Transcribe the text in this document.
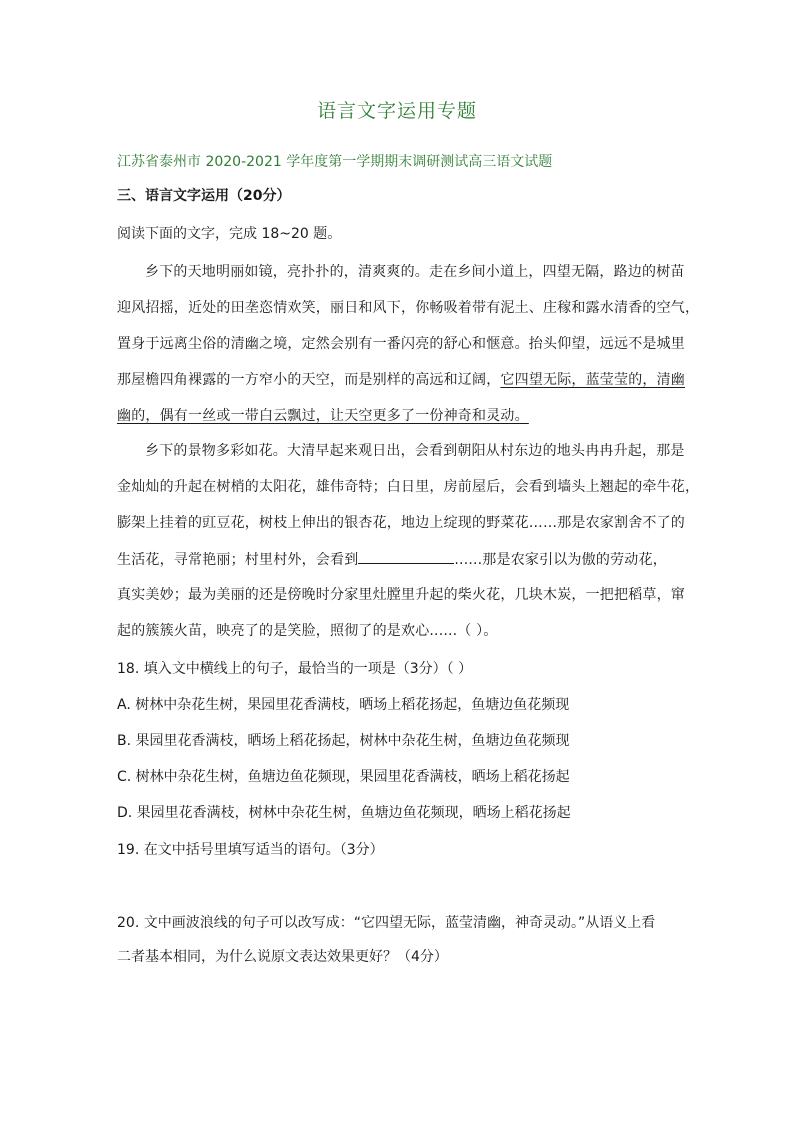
语言文字运用专题
江苏省泰州市 2020-2021 学年度第一学期期末调研测试高三语文试题
三、语言文字运用（20分）
阅读下面的文字，完成 18~20 题。
乡下的天地明丽如镜，亮扑扑的，清爽爽的。走在乡间小道上，四望无隔，路边的树苗
迎风招摇，近处的田垄恣情欢笑，丽日和风下，你畅吸着带有泥土、庄稼和露水清香的空气，
置身于远离尘俗的清幽之境，定然会别有一番闪亮的舒心和惬意。抬头仰望，远远不是城里
那屋檐四角裸露的一方窄小的天空，而是别样的高远和辽阔，它四望无际，蓝莹莹的，清幽
幽的，偶有一丝或一带白云飘过，让天空更多了一份神奇和灵动。
乡下的景物多彩如花。大清早起来观日出，会看到朝阳从村东边的地头冉冉升起，那是
金灿灿的升起在树梢的太阳花，雄伟奇特；白日里，房前屋后，会看到墙头上翘起的牵牛花，
膨架上挂着的豇豆花，树枝上伸出的银杏花，地边上绽现的野菜花……那是农家割舍不了的
生活花，寻常艳丽；村里村外，会看到	......那是农家引以为傲的劳动花，
真实美妙；最为美丽的还是傍晚时分家里灶膛里升起的柴火花，几块木炭，一把把稻草，窜
起的簇簇火苗，映亮了的是笑脸，照彻了的是欢心......（ ）。
18. 填入文中横线上的句子，最恰当的一项是（3分）（ ）
A. 树林中杂花生树，果园里花香满枝，晒场上稻花扬起，鱼塘边鱼花频现
B. 果园里花香满枝，晒场上稻花扬起，树林中杂花生树，鱼塘边鱼花频现
C. 树林中杂花生树，鱼塘边鱼花频现，果园里花香满枝，晒场上稻花扬起
D. 果园里花香满枝，树林中杂花生树，鱼塘边鱼花频现，晒场上稻花扬起
19. 在文中括号里填写适当的语句。（3分）
20. 文中画波浪线的句子可以改写成：“它四望无际，蓝莹清幽，神奇灵动。”从语义上看
二者基本相同，为什么说原文表达效果更好？（4分）
